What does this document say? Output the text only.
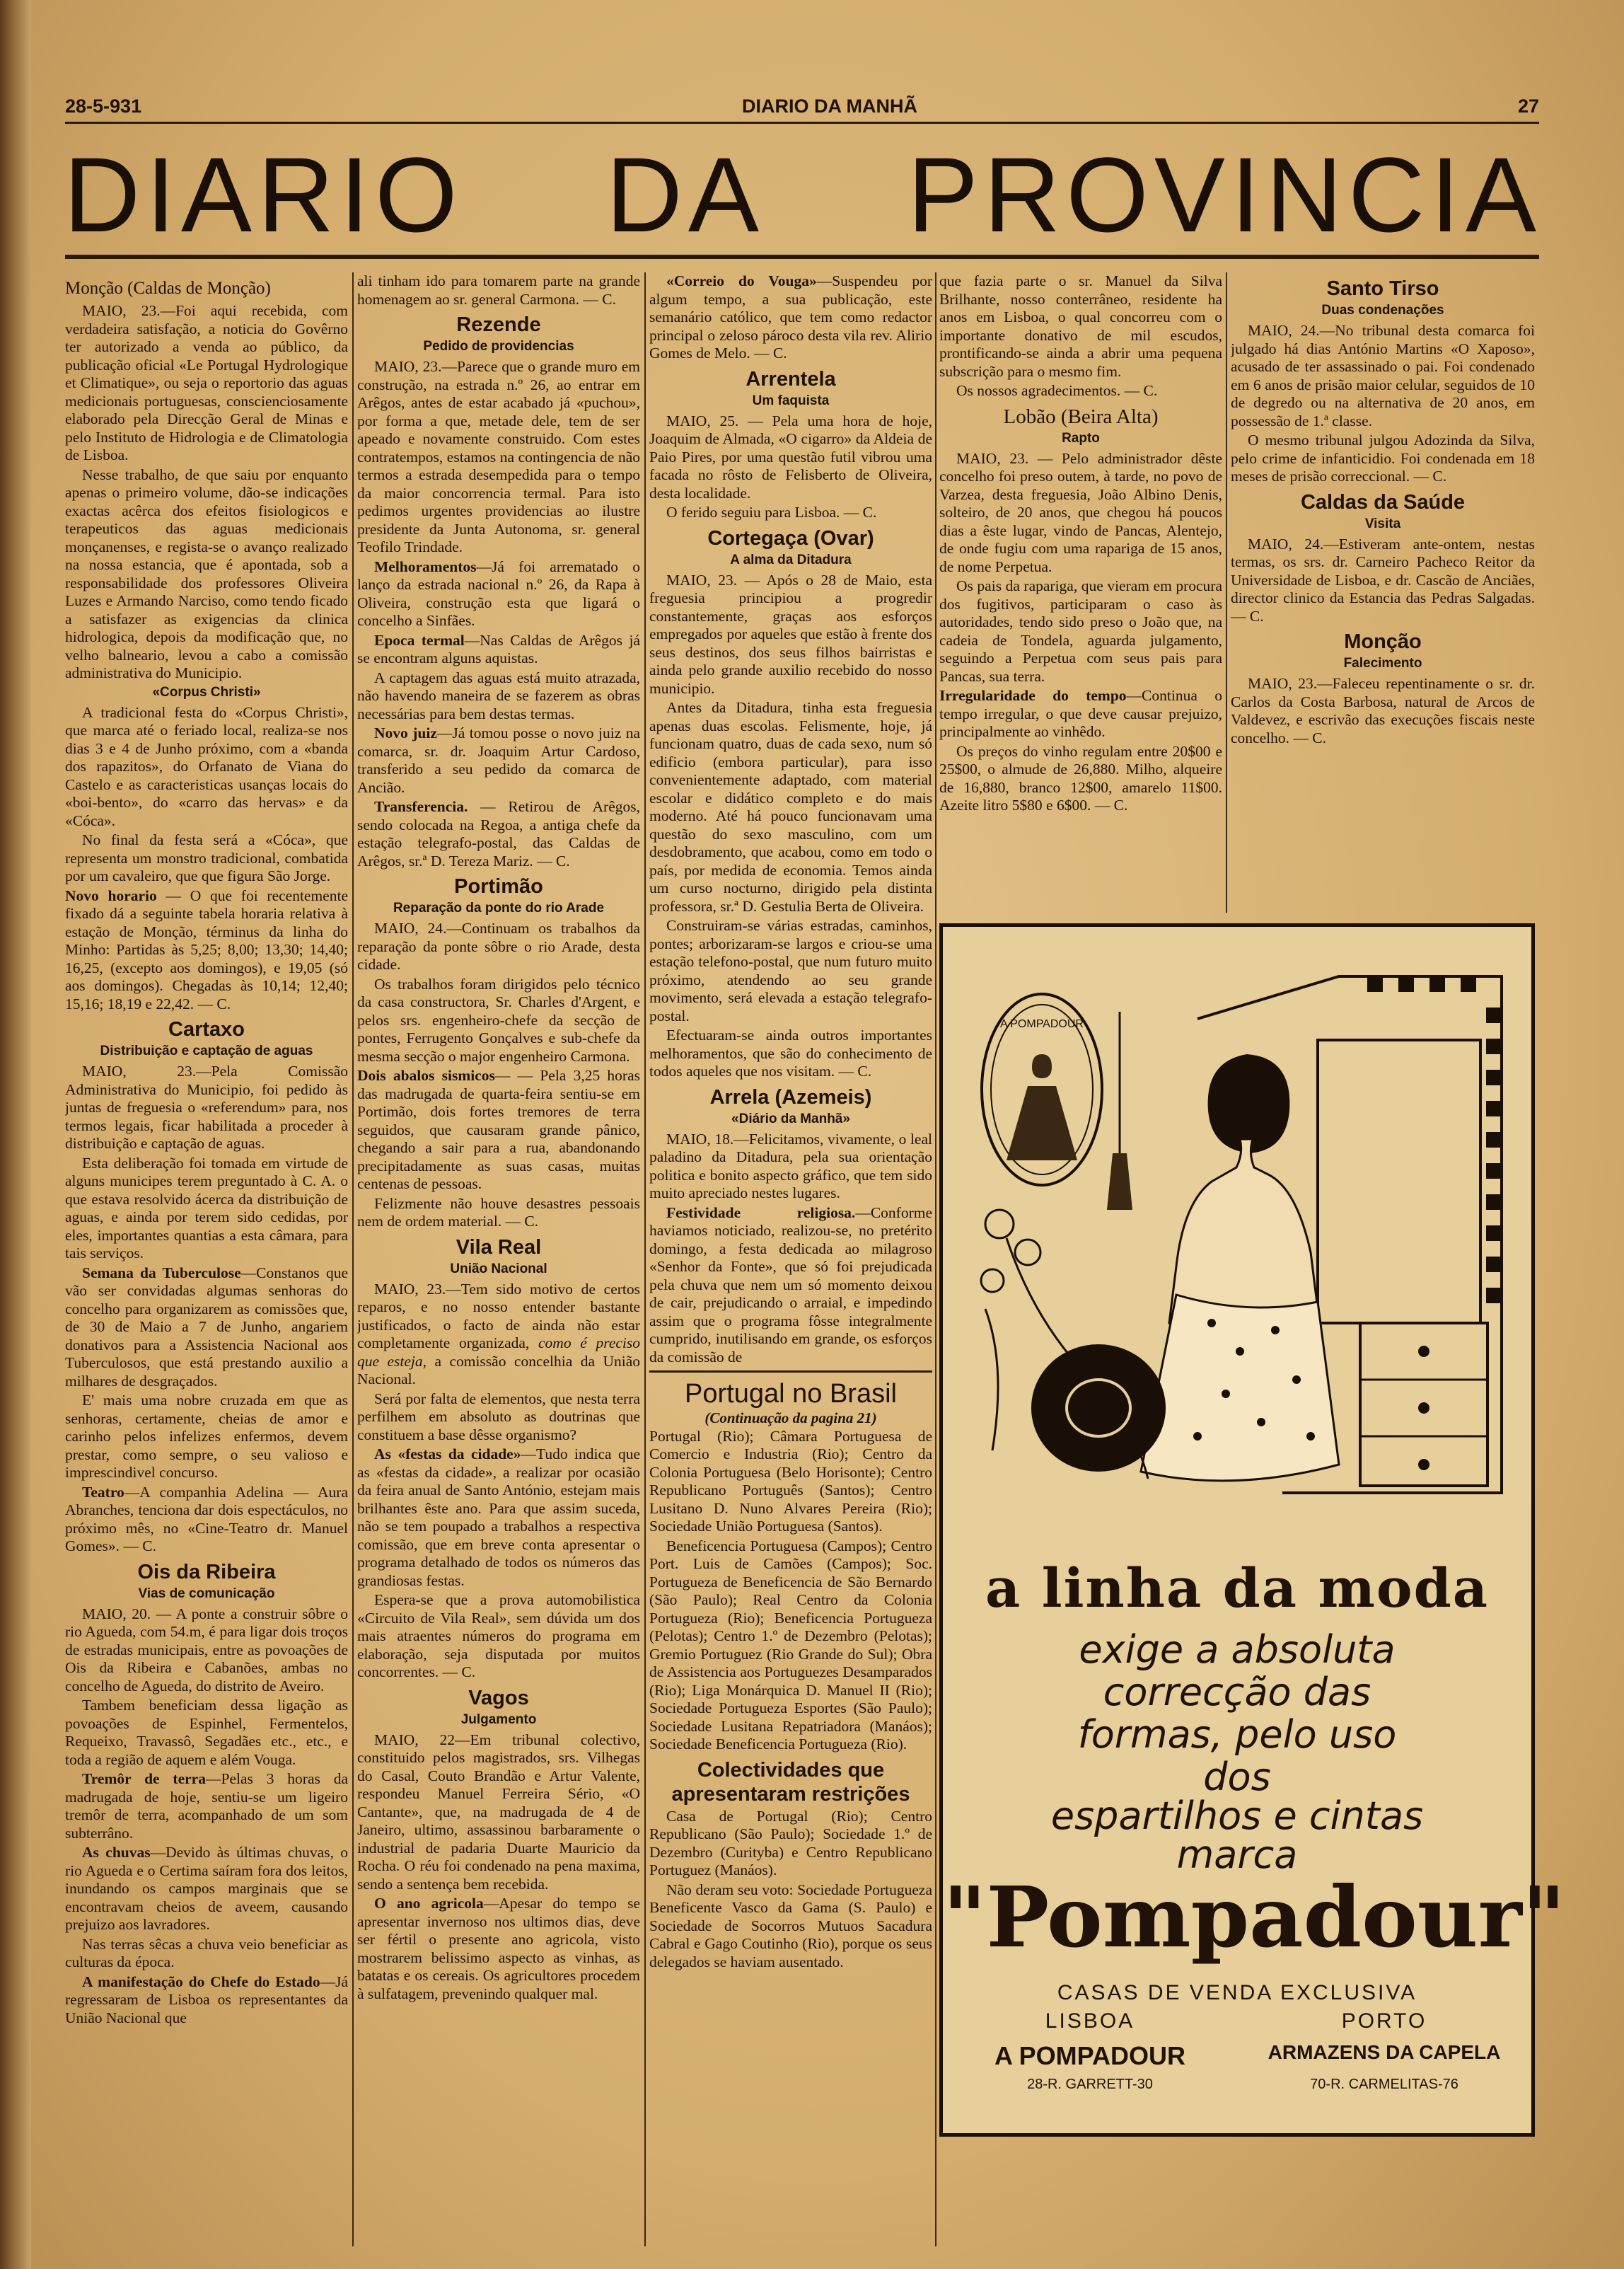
28-5-931	DIARIO DA MANHÃ	27
DIARIO DA PROVINCIA
Monção (Caldas de Monção)

MAIO, 23.—Foi aqui recebida, com verdadeira satisfação, a noticia do Govêrno ter autorizado a venda ao público, da publicação oficial «Le Portugal Hydrologique et Climatique», ou seja o reportorio das aguas medicionais portuguesas, conscienciosamente elaborado pela Direcção Geral de Minas e pelo Instituto de Hidrologia e de Climatologia de Lisboa.

Nesse trabalho, de que saiu por enquanto apenas o primeiro volume, dão-se indicações exactas acêrca dos efeitos fisiologicos e terapeuticos das aguas medicionais monçanenses, e regista-se o avanço realizado na nossa estancia, que é apontada, sob a responsabilidade dos professores Oliveira Luzes e Armando Narciso, como tendo ficado a satisfazer as exigencias da clinica hidrologica, depois da modificação que, no velho balneario, levou a cabo a comissão administrativa do Municipio.

«Corpus Christi»

A tradicional festa do «Corpus Christi», que marca até o feriado local, realiza-se nos dias 3 e 4 de Junho próximo, com a «banda dos rapazitos», do Orfanato de Viana do Castelo e as caracteristicas usanças locais do «boi-bento», do «carro das hervas» e da «Cóca».

No final da festa será a «Cóca», que representa um monstro tradicional, combatida por um cavaleiro, que que figura São Jorge.

Novo horario — O que foi recentemente fixado dá a seguinte tabela horaria relativa à estação de Monção, términus da linha do Minho: Partidas às 5,25; 8,00; 13,30; 14,40; 16,25, (excepto aos domingos), e 19,05 (só aos domingos). Chegadas às 10,14; 12,40; 15,16; 18,19 e 22,42. — C.

Cartaxo
Distribuição e captação de aguas

MAIO, 23.—Pela Comissão Administrativa do Municipio, foi pedido às juntas de freguesia o «referendum» para, nos termos legais, ficar habilitada a proceder à distribuição e captação de aguas.

Esta deliberação foi tomada em virtude de alguns municipes terem preguntado à C. A. o que estava resolvido ácerca da distribuição de aguas, e ainda por terem sido cedidas, por eles, importantes quantias a esta câmara, para tais serviços.

Semana da Tuberculose—Constanos que vão ser convidadas algumas senhoras do concelho para organizarem as comissões que, de 30 de Maio a 7 de Junho, angariem donativos para a Assistencia Nacional aos Tuberculosos, que está prestando auxilio a milhares de desgraçados.

E' mais uma nobre cruzada em que as senhoras, certamente, cheias de amor e carinho pelos infelizes enfermos, devem prestar, como sempre, o seu valioso e imprescindivel concurso.

Teatro—A companhia Adelina — Aura Abranches, tenciona dar dois espectáculos, no próximo mês, no «Cine-Teatro dr. Manuel Gomes». — C.

Ois da Ribeira
Vias de comunicação

MAIO, 20. — A ponte a construir sôbre o rio Agueda, com 54.m, é para ligar dois troços de estradas municipais, entre as povoações de Ois da Ribeira e Cabanões, ambas no concelho de Agueda, do distrito de Aveiro.

Tambem beneficiam dessa ligação as povoações de Espinhel, Fermentelos, Requeixo, Travassô, Segadães etc., etc., e toda a região de aquem e além Vouga.

Tremôr de terra—Pelas 3 horas da madrugada de hoje, sentiu-se um ligeiro tremôr de terra, acompanhado de um som subterrâno.

As chuvas—Devido às últimas chuvas, o rio Agueda e o Certima saíram fora dos leitos, inundando os campos marginais que se encontravam cheios de aveem, causando prejuizo aos lavradores.

Nas terras sêcas a chuva veio beneficiar as culturas da época.

A manifestação do Chefe do Estado—Já regressaram de Lisboa os representantes da União Nacional que

ali tinham ido para tomarem parte na grande homenagem ao sr. general Carmona. — C.

Rezende
Pedido de providencias

MAIO, 23.—Parece que o grande muro em construção, na estrada n.º 26, ao entrar em Arêgos, antes de estar acabado já «puchou», por forma a que, metade dele, tem de ser apeado e novamente construido. Com estes contratempos, estamos na contingencia de não termos a estrada desempedida para o tempo da maior concorrencia termal. Para isto pedimos urgentes providencias ao ilustre presidente da Junta Autonoma, sr. general Teofilo Trindade.

Melhoramentos—Já foi arrematado o lanço da estrada nacional n.º 26, da Rapa à Oliveira, construção esta que ligará o concelho a Sinfães.

Epoca termal—Nas Caldas de Arêgos já se encontram alguns aquistas.

A captagem das aguas está muito atrazada, não havendo maneira de se fazerem as obras necessárias para bem destas termas.

Novo juiz—Já tomou posse o novo juiz na comarca, sr. dr. Joaquim Artur Cardoso, transferido a seu pedido da comarca de Ancião.

Transferencia. — Retirou de Arêgos, sendo colocada na Regoa, a antiga chefe da estação telegrafo-postal, das Caldas de Arêgos, sr.ª D. Tereza Mariz. — C.

Portimão
Reparação da ponte do rio Arade

MAIO, 24.—Continuam os trabalhos da reparação da ponte sôbre o rio Arade, desta cidade.

Os trabalhos foram dirigidos pelo técnico da casa constructora, Sr. Charles d'Argent, e pelos srs. engenheiro-chefe da secção de pontes, Ferrugento Gonçalves e sub-chefe da mesma secção o major engenheiro Carmona.

Dois abalos sismicos— — Pela 3,25 horas das madrugada de quarta-feira sentiu-se em Portimão, dois fortes tremores de terra seguidos, que causaram grande pânico, chegando a sair para a rua, abandonando precipitadamente as suas casas, muitas centenas de pessoas.

Felizmente não houve desastres pessoais nem de ordem material. — C.

Vila Real
União Nacional

MAIO, 23.—Tem sido motivo de certos reparos, e no nosso entender bastante justificados, o facto de ainda não estar completamente organizada, como é preciso que esteja, a comissão concelhia da União Nacional.

Será por falta de elementos, que nesta terra perfilhem em absoluto as doutrinas que constituem a base dêsse organismo?

As «festas da cidade»—Tudo indica que as «festas da cidade», a realizar por ocasião da feira anual de Santo António, estejam mais brilhantes êste ano. Para que assim suceda, não se tem poupado a trabalhos a respectiva comissão, que em breve conta apresentar o programa detalhado de todos os números das grandiosas festas.

Espera-se que a prova automobilistica «Circuito de Vila Real», sem dúvida um dos mais atraentes números do programa em elaboração, seja disputada por muitos concorrentes. — C.

Vagos
Julgamento

MAIO, 22—Em tribunal colectivo, constituido pelos magistrados, srs. Vilhegas do Casal, Couto Brandão e Artur Valente, respondeu Manuel Ferreira Sério, «O Cantante», que, na madrugada de 4 de Janeiro, ultimo, assassinou barbaramente o industrial de padaria Duarte Mauricio da Rocha. O réu foi condenado na pena maxima, sendo a sentença bem recebida.

O ano agricola—Apesar do tempo se apresentar invernoso nos ultimos dias, deve ser fértil o presente ano agricola, visto mostrarem belissimo aspecto as vinhas, as batatas e os cereais. Os agricultores procedem à sulfatagem, prevenindo qualquer mal.

«Correio do Vouga»—Suspendeu por algum tempo, a sua publicação, este semanário católico, que tem como redactor principal o zeloso pároco desta vila rev. Alirio Gomes de Melo. — C.

Arrentela
Um faquista

MAIO, 25. — Pela uma hora de hoje, Joaquim de Almada, «O cigarro» da Aldeia de Paio Pires, por uma questão futil vibrou uma facada no rôsto de Felisberto de Oliveira, desta localidade.

O ferido seguiu para Lisboa. — C.

Cortegaça (Ovar)
A alma da Ditadura

MAIO, 23. — Após o 28 de Maio, esta freguesia principiou a progredir constantemente, graças aos esforços empregados por aqueles que estão à frente dos seus destinos, dos seus filhos bairristas e ainda pelo grande auxilio recebido do nosso municipio.

Antes da Ditadura, tinha esta freguesia apenas duas escolas. Felismente, hoje, já funcionam quatro, duas de cada sexo, num só edificio (embora particular), para isso convenientemente adaptado, com material escolar e didático completo e do mais moderno. Até há pouco funcionavam uma questão do sexo masculino, com um desdobramento, que acabou, como em todo o país, por medida de economia. Temos ainda um curso nocturno, dirigido pela distinta professora, sr.ª D. Gestulia Berta de Oliveira.

Construiram-se várias estradas, caminhos, pontes; arborizaram-se largos e criou-se uma estação telefono-postal, que num futuro muito próximo, atendendo ao seu grande movimento, será elevada a estação telegrafo-postal.

Efectuaram-se ainda outros importantes melhoramentos, que são do conhecimento de todos aqueles que nos visitam. — C.

Arrela (Azemeis)
«Diário da Manhã»

MAIO, 18.—Felicitamos, vivamente, o leal paladino da Ditadura, pela sua orientação politica e bonito aspecto gráfico, que tem sido muito apreciado nestes lugares.

Festividade religiosa.—Conforme haviamos noticiado, realizou-se, no pretérito domingo, a festa dedicada ao milagroso «Senhor da Fonte», que só foi prejudicada pela chuva que nem um só momento deixou de cair, prejudicando o arraial, e impedindo assim que o programa fôsse integralmente cumprido, inutilisando em grande, os esforços da comissão de

Portugal no Brasil
(Continuação da pagina 21)

Portugal (Rio); Câmara Portuguesa de Comercio e Industria (Rio); Centro da Colonia Portuguesa (Belo Horisonte); Centro Republicano Português (Santos); Centro Lusitano D. Nuno Alvares Pereira (Rio); Sociedade União Portuguesa (Santos).

Beneficencia Portuguesa (Campos); Centro Port. Luis de Camões (Campos); Soc. Portugueza de Beneficencia de São Bernardo (São Paulo); Real Centro da Colonia Portugueza (Rio); Beneficencia Portugueza (Pelotas); Centro 1.º de Dezembro (Pelotas); Gremio Portuguez (Rio Grande do Sul); Obra de Assistencia aos Portuguezes Desamparados (Rio); Liga Monárquica D. Manuel II (Rio); Sociedade Portugueza Esportes (São Paulo); Sociedade Lusitana Repatriadora (Manáos); Sociedade Beneficencia Portugueza (Rio).

Colectividades que apresentaram restrições

Casa de Portugal (Rio); Centro Republicano (São Paulo); Sociedade 1.º de Dezembro (Curityba) e Centro Republicano Portuguez (Manáos).

Não deram seu voto: Sociedade Portugueza Beneficente Vasco da Gama (S. Paulo) e Sociedade de Socorros Mutuos Sacadura Cabral e Gago Coutinho (Rio), porque os seus delegados se haviam ausentado.

que fazia parte o sr. Manuel da Silva Brilhante, nosso conterrâneo, residente ha anos em Lisboa, o qual concorreu com o importante donativo de mil escudos, prontificando-se ainda a abrir uma pequena subscrição para o mesmo fim.

Os nossos agradecimentos. — C.

Lobão (Beira Alta)
Rapto

MAIO, 23. — Pelo administrador dêste concelho foi preso outem, à tarde, no povo de Varzea, desta freguesia, João Albino Denis, solteiro, de 20 anos, que chegou há poucos dias a êste lugar, vindo de Pancas, Alentejo, de onde fugiu com uma rapariga de 15 anos, de nome Perpetua.

Os pais da rapariga, que vieram em procura dos fugitivos, participaram o caso às autoridades, tendo sido preso o João que, na cadeia de Tondela, aguarda julgamento, seguindo a Perpetua com seus pais para Pancas, sua terra.

Irregularidade do tempo—Continua o tempo irregular, o que deve causar prejuizo, principalmente ao vinhêdo.

Os preços do vinho regulam entre 20$00 e 25$00, o almude de 26,880. Milho, alqueire de 16,880, branco 12$00, amarelo 11$00. Azeite litro 5$80 e 6$00. — C.

Santo Tirso
Duas condenações

MAIO, 24.—No tribunal desta comarca foi julgado há dias António Martins «O Xaposo», acusado de ter assassinado o pai. Foi condenado em 6 anos de prisão maior celular, seguidos de 10 de degredo ou na alternativa de 20 anos, em possessão de 1.ª classe.

O mesmo tribunal julgou Adozinda da Silva, pelo crime de infanticidio. Foi condenada em 18 meses de prisão correccional. — C.

Caldas da Saúde
Visita

MAIO, 24.—Estiveram ante-ontem, nestas termas, os srs. dr. Carneiro Pacheco Reitor da Universidade de Lisboa, e dr. Cascão de Anciães, director clinico da Estancia das Pedras Salgadas. — C.

Monção
Falecimento

MAIO, 23.—Faleceu repentinamente o sr. dr. Carlos da Costa Barbosa, natural de Arcos de Valdevez, e escrivão das execuções fiscais neste concelho. — C.

A POMPADOUR
a linha da moda
exige a absoluta
correcção das
formas, pelo uso
dos
espartilhos e cintas
marca
"Pompadour"
CASAS DE VENDA EXCLUSIVA
LISBOA	PORTO
A POMPADOUR	ARMAZENS DA CAPELA
28-R. GARRETT-30	70-R. CARMELITAS-76
